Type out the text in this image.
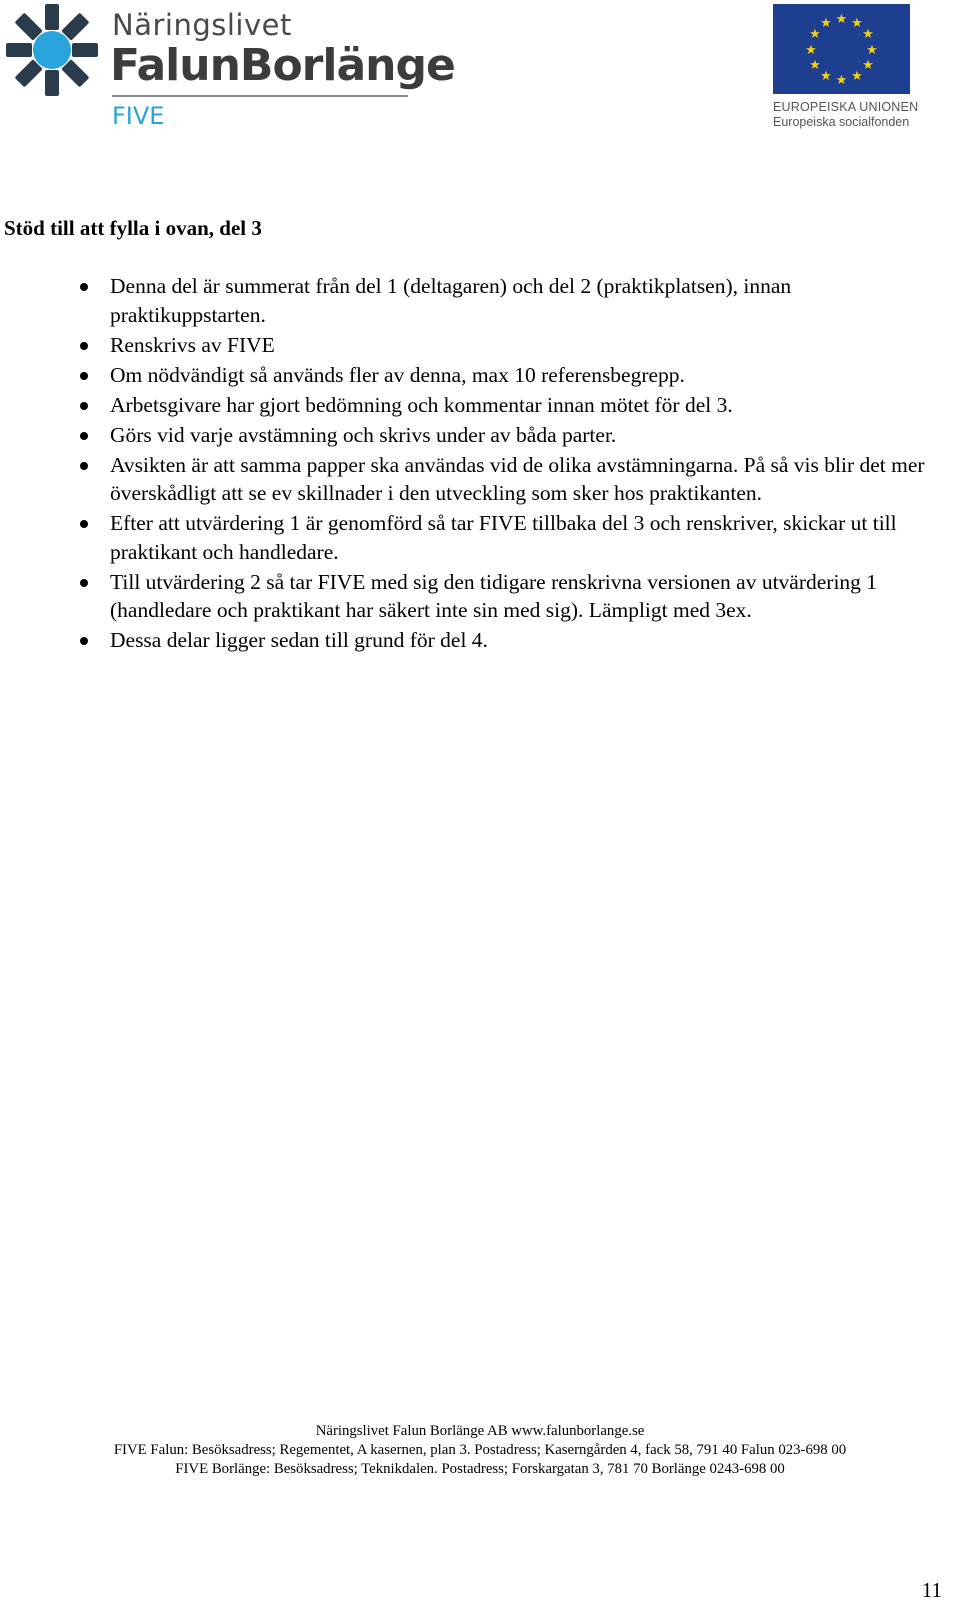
Näringslivet
FalunBorlänge
FIVE
★ ★
★
★
★
★
★
★
★
★
★
★
EUROPEISKA UNIONEN
Europeiska socialfonden
Stöd till att fylla i ovan, del 3
Denna del är summerat från del 1 (deltagaren) och del 2 (praktikplatsen), innan praktikuppstarten.
Renskrivs av FIVE
Om nödvändigt så används fler av denna, max 10 referensbegrepp.
Arbetsgivare har gjort bedömning och kommentar innan mötet för del 3.
Görs vid varje avstämning och skrivs under av båda parter.
Avsikten är att samma papper ska användas vid de olika avstämningarna. På så vis blir det mer överskådligt att se ev skillnader i den utveckling som sker hos praktikanten.
Efter att utvärdering 1 är genomförd så tar FIVE tillbaka del 3 och renskriver, skickar ut till praktikant och handledare.
Till utvärdering 2 så tar FIVE med sig den tidigare renskrivna versionen av utvärdering 1 (handledare och praktikant har säkert inte sin med sig). Lämpligt med 3ex.
Dessa delar ligger sedan till grund för del 4.
Näringslivet Falun Borlänge AB www.falunborlange.se
FIVE Falun: Besöksadress; Regementet, A kasernen, plan 3. Postadress; Kaserngården 4, fack 58, 791 40 Falun 023-698 00
FIVE Borlänge: Besöksadress; Teknikdalen. Postadress; Forskargatan 3, 781 70 Borlänge 0243-698 00
11
